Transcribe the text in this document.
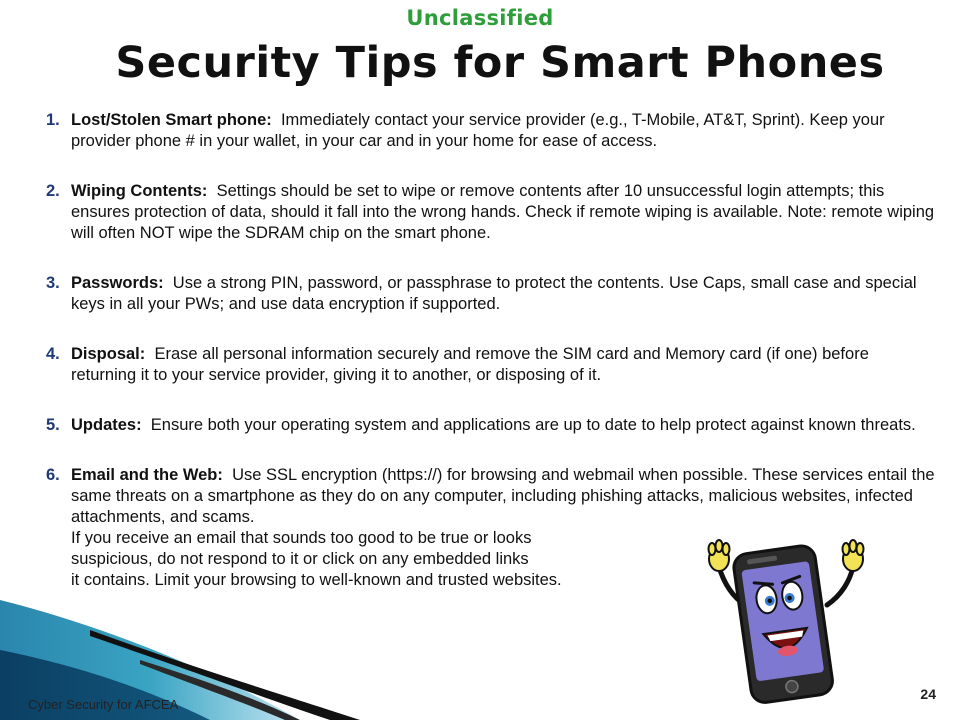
Unclassified
Security Tips for Smart Phones
1. Lost/Stolen Smart phone: Immediately contact your service provider (e.g., T-Mobile, AT&T, Sprint). Keep your provider phone # in your wallet, in your car and in your home for ease of access.
2. Wiping Contents: Settings should be set to wipe or remove contents after 10 unsuccessful login attempts; this ensures protection of data, should it fall into the wrong hands. Check if remote wiping is available. Note: remote wiping will often NOT wipe the SDRAM chip on the smart phone.
3. Passwords: Use a strong PIN, password, or passphrase to protect the contents. Use Caps, small case and special keys in all your PWs; and use data encryption if supported.
4. Disposal: Erase all personal information securely and remove the SIM card and Memory card (if one) before returning it to your service provider, giving it to another, or disposing of it.
5. Updates: Ensure both your operating system and applications are up to date to help protect against known threats.
6. Email and the Web: Use SSL encryption (https://) for browsing and webmail when possible. These services entail the same threats on a smartphone as they do on any computer, including phishing attacks, malicious websites, infected attachments, and scams.
If you receive an email that sounds too good to be true or looks
suspicious, do not respond to it or click on any embedded links
it contains. Limit your browsing to well-known and trusted websites.
Cyber Security for AFCEA
24
